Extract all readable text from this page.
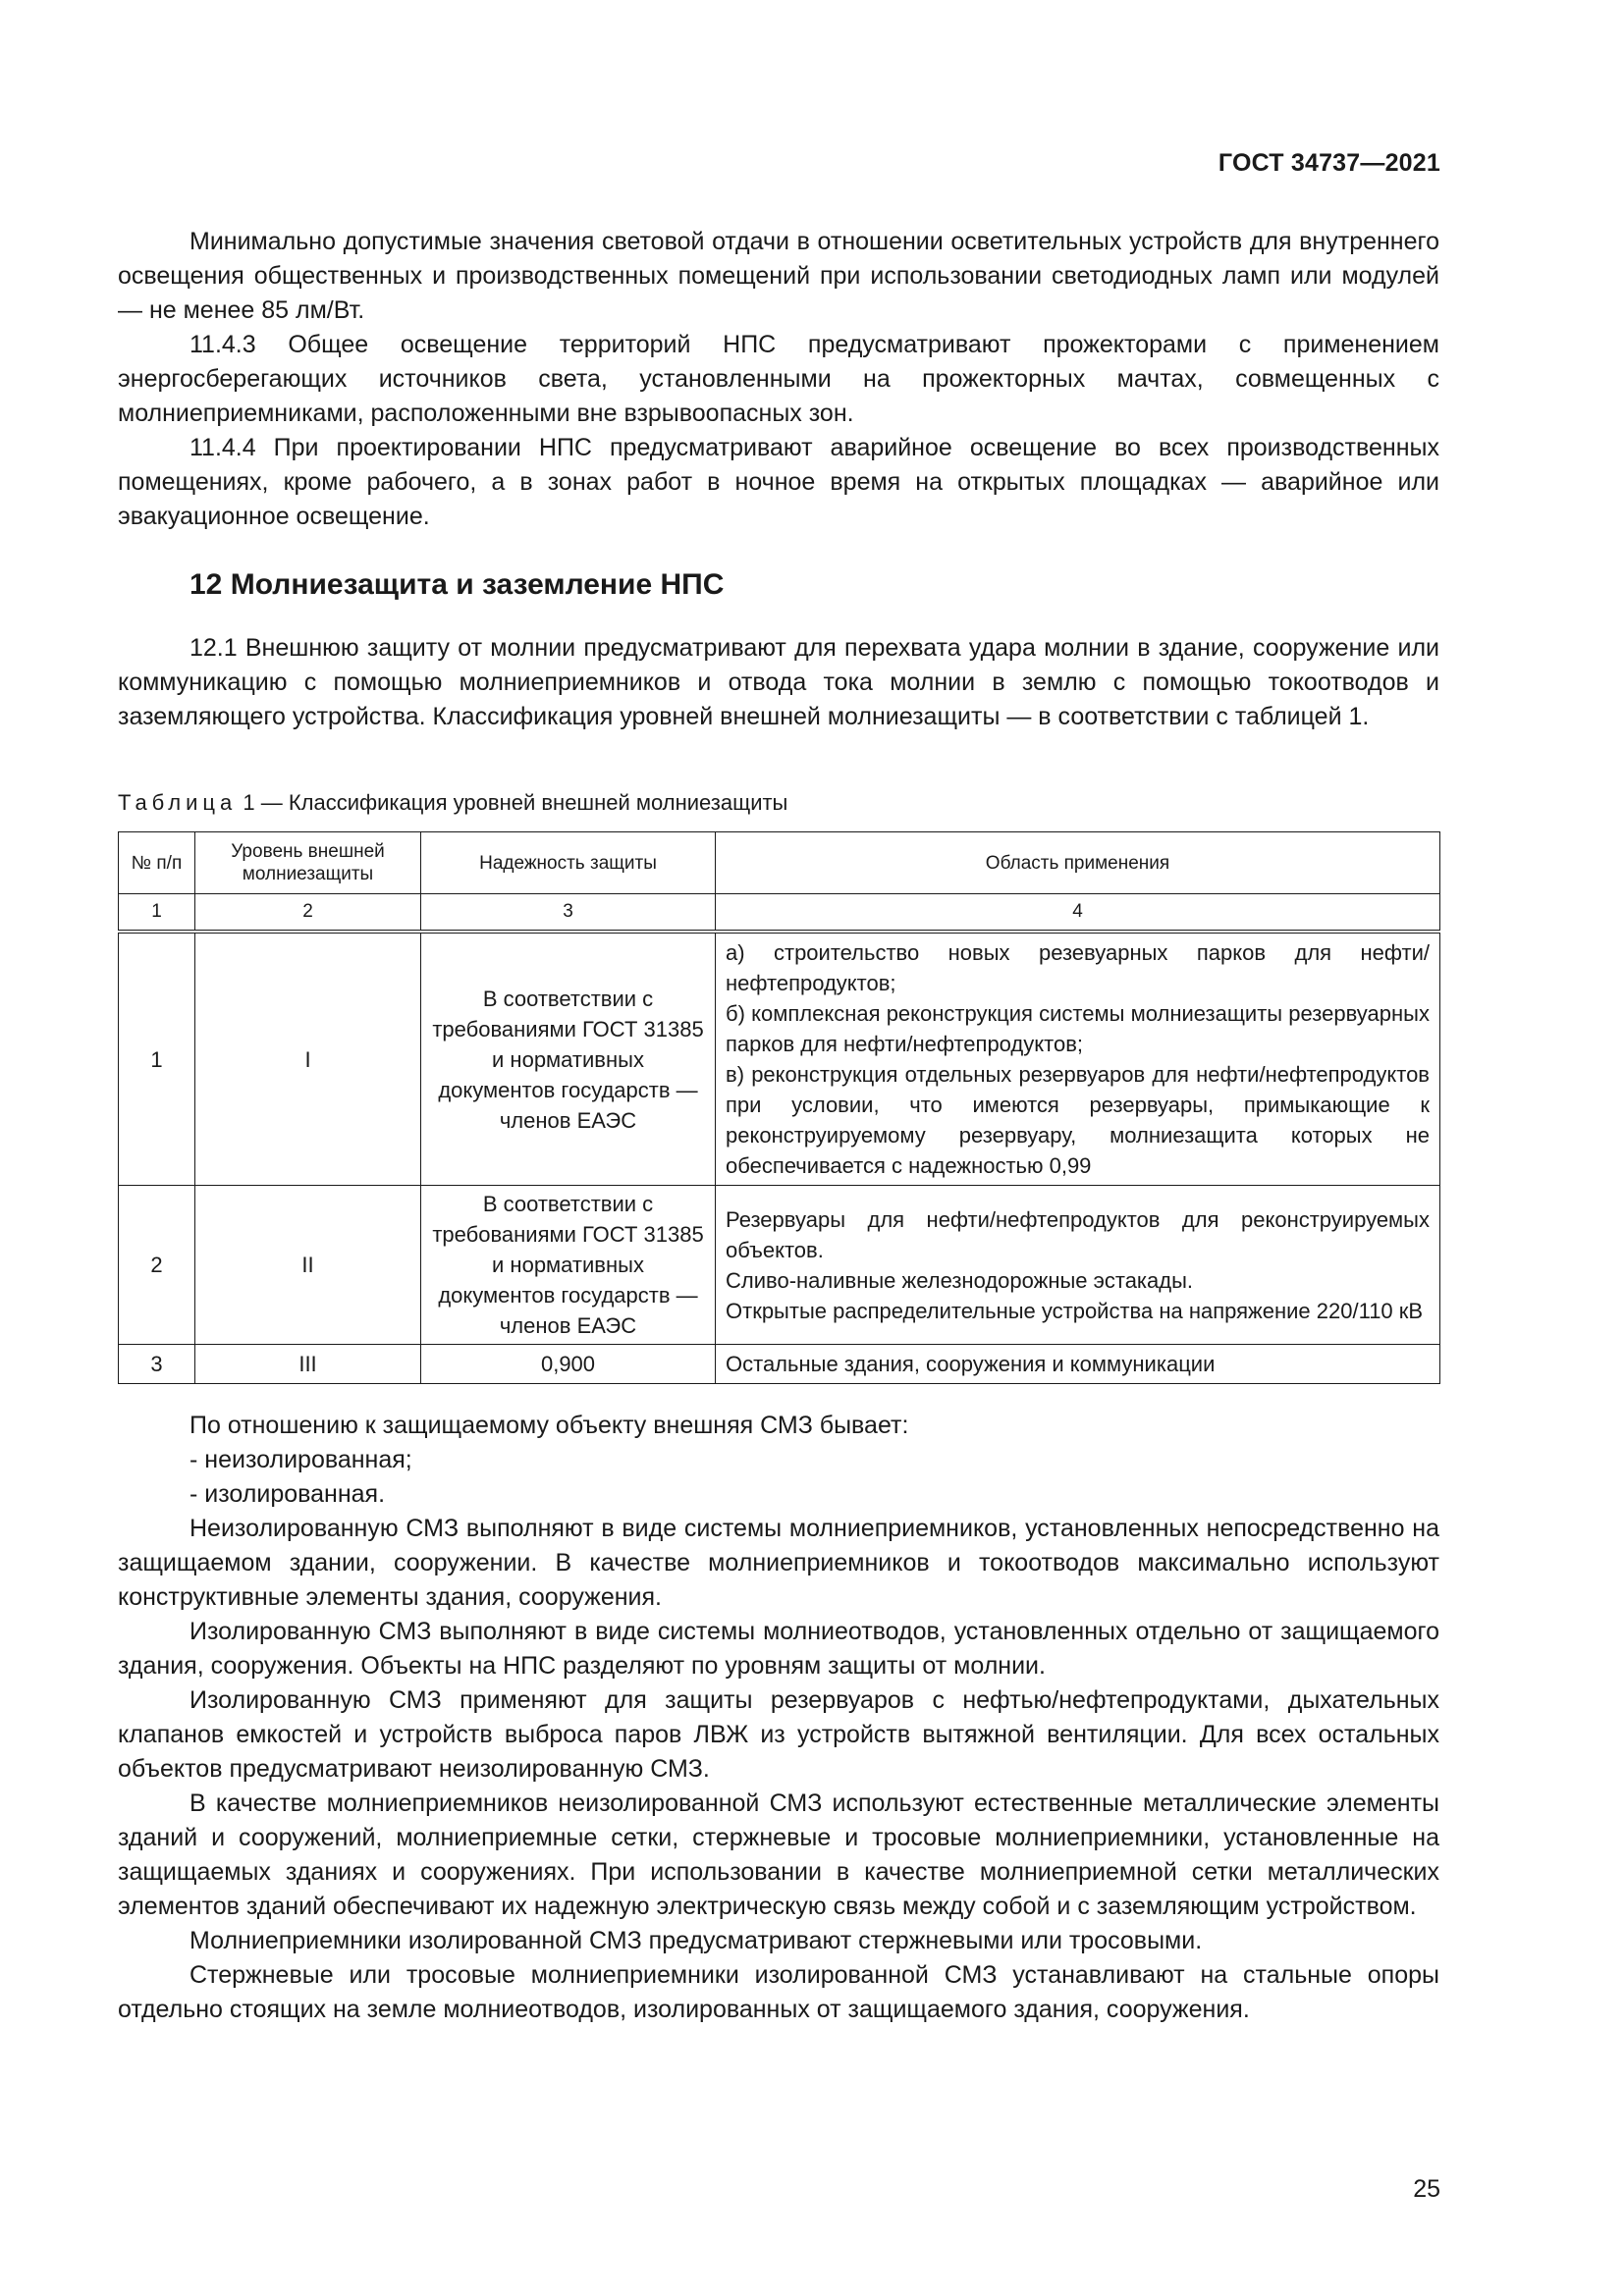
ГОСТ 34737—2021

Минимально допустимые значения световой отдачи в отношении осветительных устройств для внутреннего освещения общественных и производственных помещений при использовании светодиодных ламп или модулей — не менее 85 лм/Вт.

11.4.3 Общее освещение территорий НПС предусматривают прожекторами с применением энергосберегающих источников света, установленными на прожекторных мачтах, совмещенных с молниеприемниками, расположенными вне взрывоопасных зон.

11.4.4 При проектировании НПС предусматривают аварийное освещение во всех производственных помещениях, кроме рабочего, а в зонах работ в ночное время на открытых площадках — аварийное или эвакуационное освещение.

12 Молниезащита и заземление НПС

12.1 Внешнюю защиту от молнии предусматривают для перехвата удара молнии в здание, сооружение или коммуникацию с помощью молниеприемников и отвода тока молнии в землю с помощью токоотводов и заземляющего устройства. Классификация уровней внешней молниезащиты — в соответствии с таблицей 1.

Таблица 1 — Классификация уровней внешней молниезащиты
№ п/п	Уровень внешней молниезащиты	Надежность защиты	Область применения
1	2	3	4
1	I	В соответствии с требованиями ГОСТ 31385 и нормативных документов государств — членов ЕАЭС	а) строительство новых резевуарных парков для нефти/нефтепродуктов;
б) комплексная реконструкция системы молниезащиты резервуарных парков для нефти/нефтепродуктов;
в) реконструкция отдельных резервуаров для нефти/нефтепродуктов при условии, что имеются резервуары, примыкающие к реконструируемому резервуару, молниезащита которых не обеспечивается с надежностью 0,99

2	II	В соответствии с требованиями ГОСТ 31385 и нормативных документов государств — членов ЕАЭС	Резервуары для нефти/нефтепродуктов для реконструируемых объектов.
Сливо-наливные железнодорожные эстакады.
Открытые распределительные устройства на напряжение 220/110 кВ

3	III	0,900	Остальные здания, сооружения и коммуникации

По отношению к защищаемому объекту внешняя СМЗ бывает:

- неизолированная;

- изолированная.

Неизолированную СМЗ выполняют в виде системы молниеприемников, установленных непосредственно на защищаемом здании, сооружении. В качестве молниеприемников и токоотводов максимально используют конструктивные элементы здания, сооружения.

Изолированную СМЗ выполняют в виде системы молниеотводов, установленных отдельно от защищаемого здания, сооружения. Объекты на НПС разделяют по уровням защиты от молнии.

Изолированную СМЗ применяют для защиты резервуаров с нефтью/нефтепродуктами, дыхательных клапанов емкостей и устройств выброса паров ЛВЖ из устройств вытяжной вентиляции. Для всех остальных объектов предусматривают неизолированную СМЗ.

В качестве молниеприемников неизолированной СМЗ используют естественные металлические элементы зданий и сооружений, молниеприемные сетки, стержневые и тросовые молниеприемники, установленные на защищаемых зданиях и сооружениях. При использовании в качестве молниеприемной сетки металлических элементов зданий обеспечивают их надежную электрическую связь между собой и с заземляющим устройством.

Молниеприемники изолированной СМЗ предусматривают стержневыми или тросовыми.

Стержневые или тросовые молниеприемники изолированной СМЗ устанавливают на стальные опоры отдельно стоящих на земле молниеотводов, изолированных от защищаемого здания, сооружения.

25
